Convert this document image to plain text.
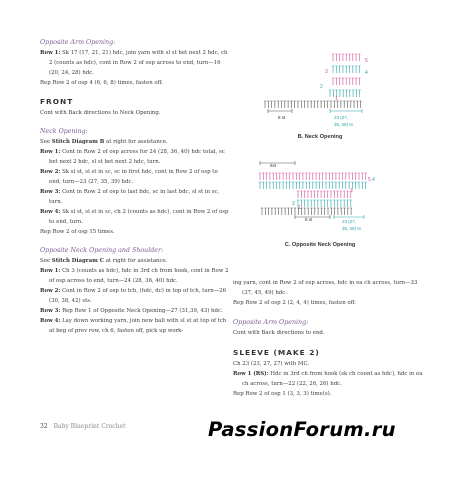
Opposite Arm Opening:

Row 1: Sk 17 (17, 21, 21) hdc, join yarn with sl st bet next 2 hdc, ch 2 (counts as hdc), cont in Row 2 of osp across to end, turn—16 (20, 24, 28) hdc.

Rep Row 2 of osp 4 (6, 6, 8) times, fasten off.

FRONT

Cont with Back directions to Neck Opening.

Neck Opening:

See Stitch Diagram B at right for assistance.

Row 1: Cont in Row 2 of osp across for 24 (28, 36, 40) hdc total, sc bet next 2 hdc, sl st bet next 2 hdc, turn.

Row 2: Sk sl st, sl st in sc, sc in first hdc, cont in Row 2 of osp to end, turn—23 (27, 35, 39) hdc.

Row 3: Cont in Row 2 of osp to last bdc, sc in last bdc, sl st in sc, turn.

Row 4: Sk sl st, sl st in sc, ch 2 (counts as hdc), cont in Row 2 of osp to end, turn.

Rep Row 2 of osp 15 times.

Opposite Neck Opening and Shoulder:

See Stitch Diagram C at right for assistance.

Row 1: Ch 3 (counts as hdc), hdc in 3rd ch from hook, cont in Row 2 of osp across to end, turn—24 (28, 36, 40) hdc.

Row 2: Cont in Row 2 of osp to tch, (hdc, dc) in top of tch, turn—26 (30, 38, 42) sts.

Row 3: Rep Row 1 of Opposite Neck Opening—27 (31,39, 43) hdc.

Row 4: Lay down working yarn, join new ball with sl st at top of tch at beg of prev row, ch 6, fasten off, pick up work-

ing yarn, cont in Row 2 of osp across, hdc in ea ch across, turn—33 (37, 45, 49) hdc.

Rep Row 2 of osp 2 (2, 4, 4) times, fasten off.

Opposite Arm Opening:

Cont with Back directions to end.

SLEEVE (MAKE 2)

Ch 23 (23, 27, 27) with MC.

Row 1 (RS): Hdc in 3rd ch from hook (sk ch count as hdc), hdc in ea ch across, turn—22 (22, 26, 26) hdc.

Rep Row 2 of osp 1 (3, 3, 3) time(s).

5
4
3
2
1
8 st	23 (27,
35, 39) st
B. Neck Opening
6st
5 4
3
2
1
8 st	23 (27,
35, 39) st
C. Opposite Neck Opening
32 Baby Blueprint Crochet	PassionForum.ru
